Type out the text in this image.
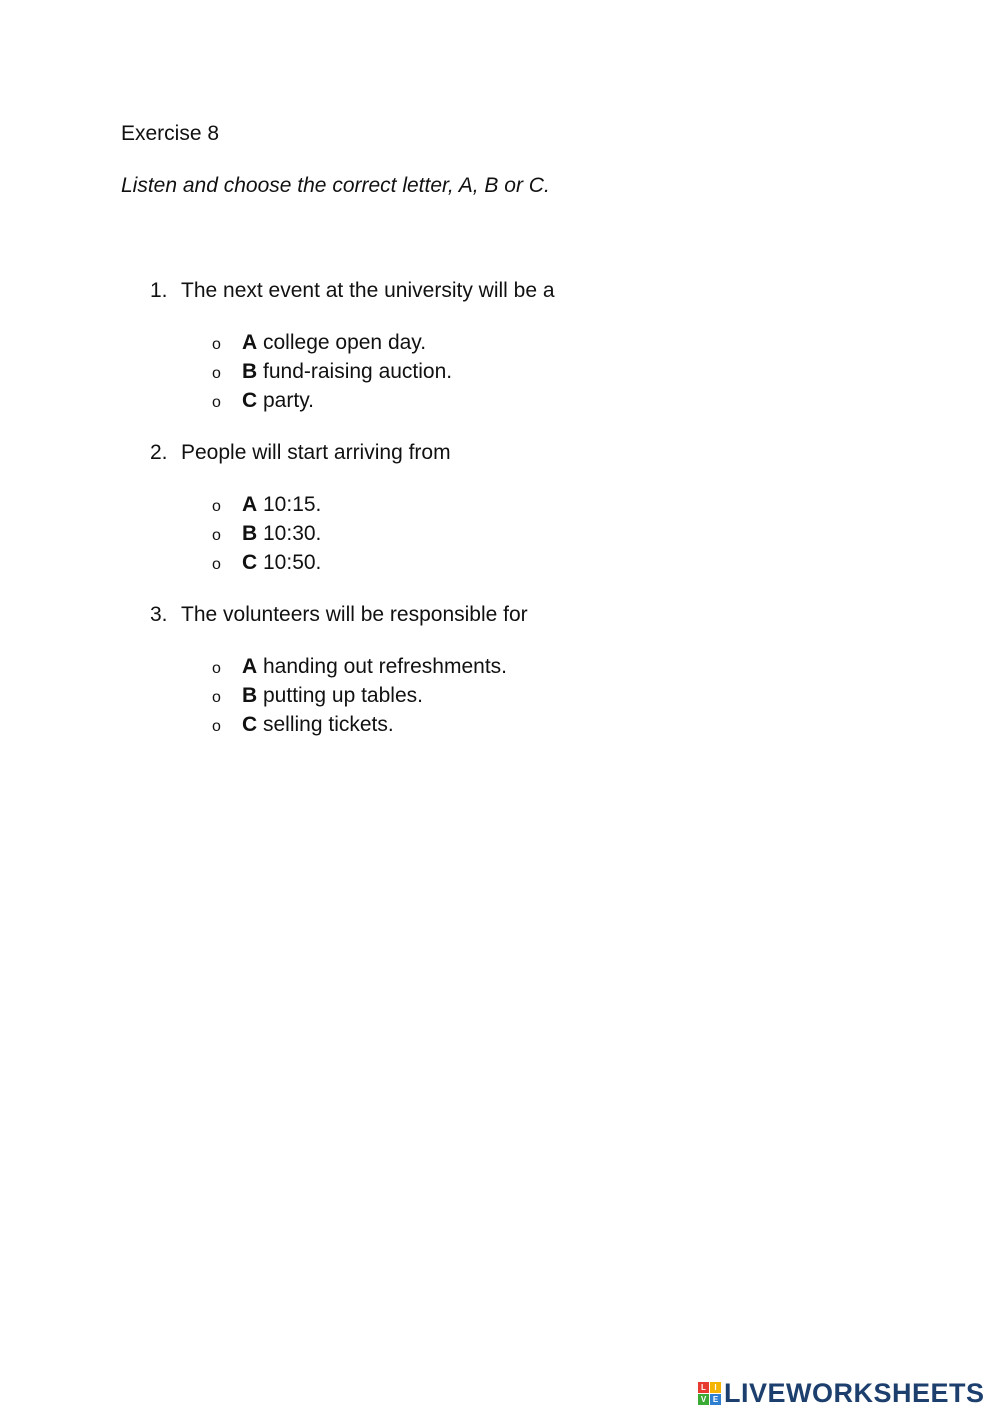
Exercise 8
Listen and choose the correct letter, A, B or C.
1. The next event at the university will be a
o A college open day.
o B fund-raising auction.
o C party.
2. People will start arriving from
o A 10:15.
o B 10:30.
o C 10:50.
3. The volunteers will be responsible for
o A handing out refreshments.
o B putting up tables.
o C selling tickets.
L	I
V E LIVEWORKSHEETS
